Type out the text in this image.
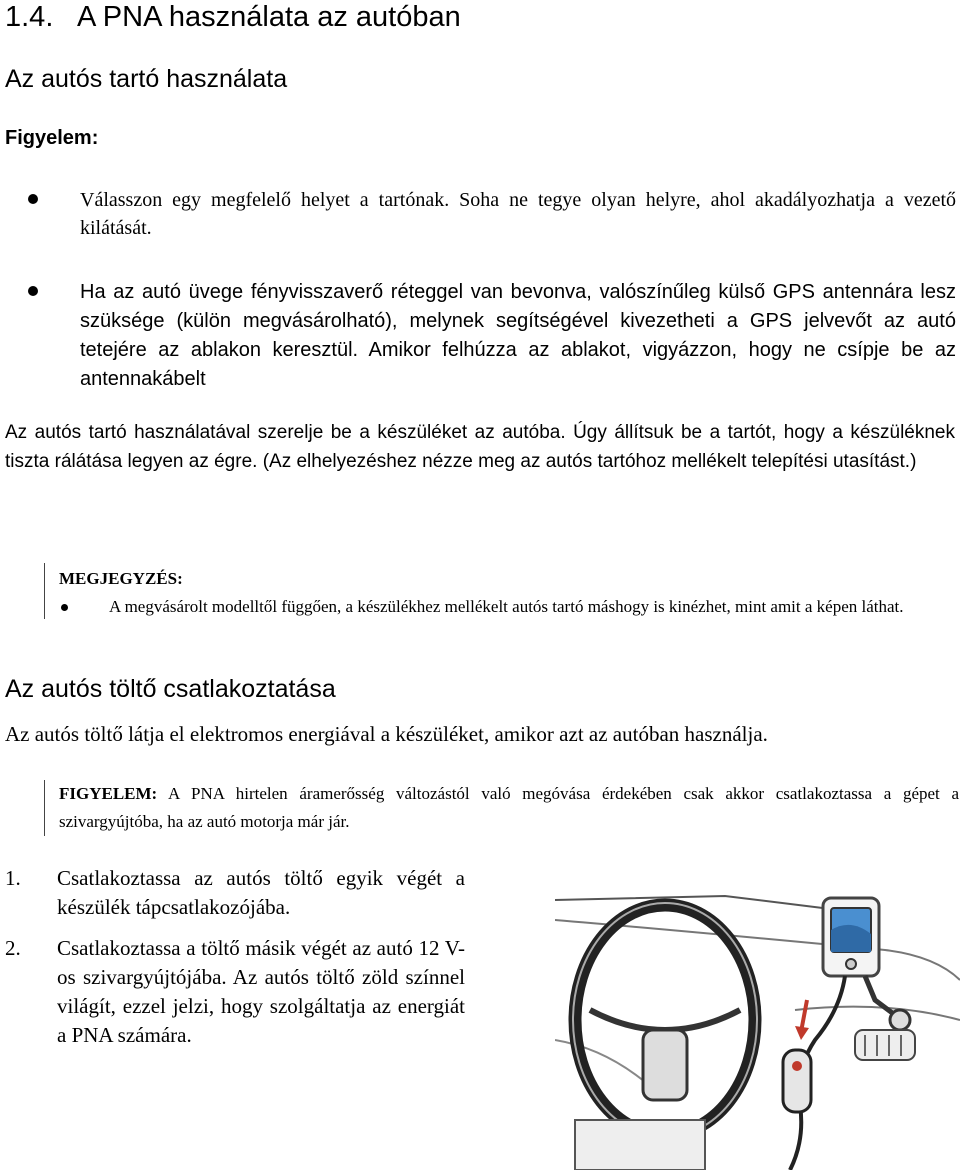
1.4. A PNA használata az autóban
Az autós tartó használata
Figyelem:
Válasszon egy megfelelő helyet a tartónak. Soha ne tegye olyan helyre, ahol akadályozhatja a vezető kilátását.
Ha az autó üvege fényvisszaverő réteggel van bevonva, valószínűleg külső GPS antennára lesz szüksége (külön megvásárolható), melynek segítségével kivezetheti a GPS jelvevőt az autó tetejére az ablakon keresztül. Amikor felhúzza az ablakot, vigyázzon, hogy ne csípje be az antennakábelt
Az autós tartó használatával szerelje be a készüléket az autóba. Úgy állítsuk be a tartót, hogy a készüléknek tiszta rálátása legyen az égre. (Az elhelyezéshez nézze meg az autós tartóhoz mellékelt telepítési utasítást.)
MEGJEGYZÉS:
A megvásárolt modelltől függően, a készülékhez mellékelt autós tartó máshogy is kinézhet, mint amit a képen láthat.
Az autós töltő csatlakoztatása
Az autós töltő látja el elektromos energiával a készüléket, amikor azt az autóban használja.
FIGYELEM: A PNA hirtelen áramerősség változástól való megóvása érdekében csak akkor csatlakoztassa a gépet a szivargyújtóba, ha az autó motorja már jár.
1. Csatlakoztassa az autós töltő egyik végét a készülék tápcsatlakozójába.
2. Csatlakoztassa a töltő másik végét az autó 12 V-os szivargyújtójába. Az autós töltő zöld színnel világít, ezzel jelzi, hogy szolgáltatja az energiát a PNA számára.
